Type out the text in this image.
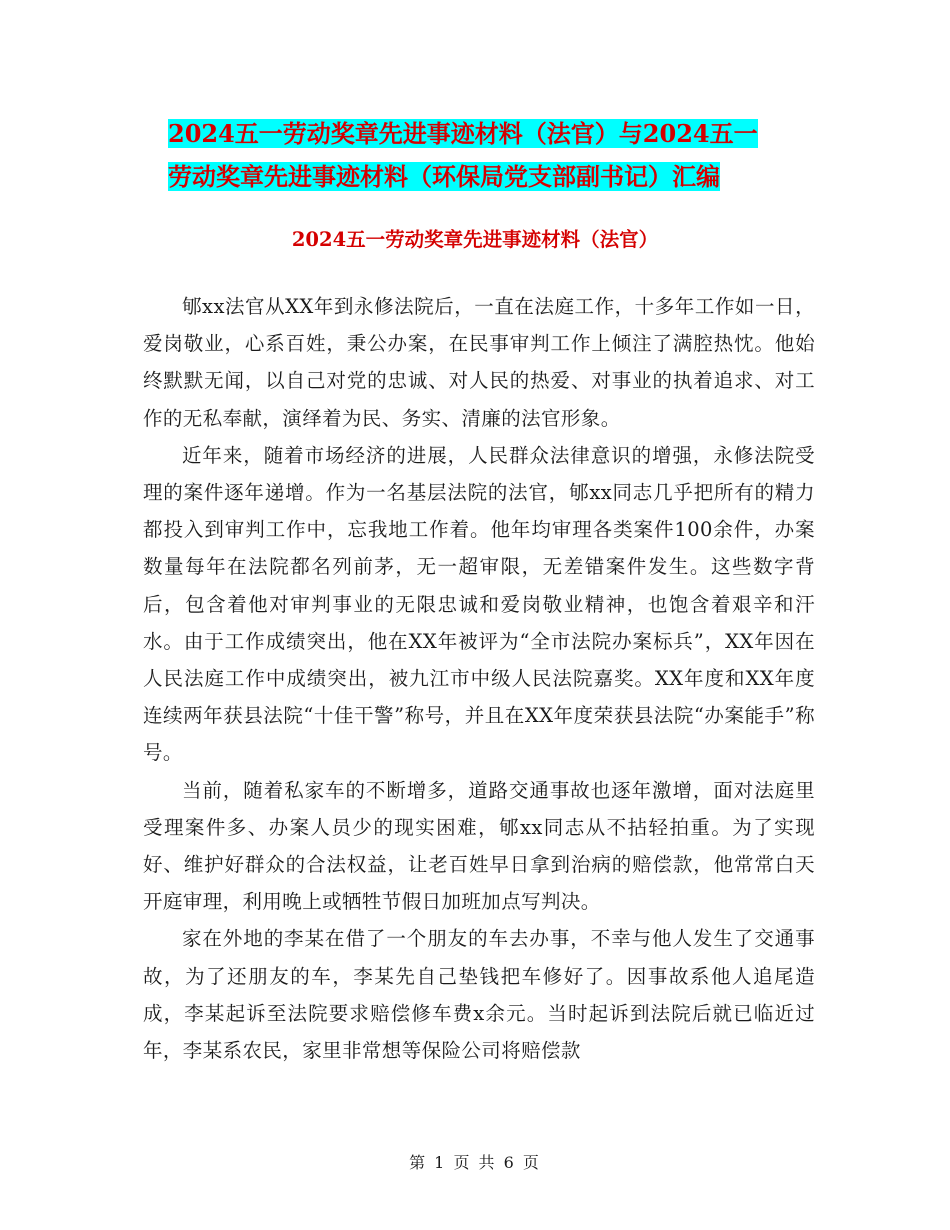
2024五一劳动奖章先进事迹材料（法官）与2024五一
劳动奖章先进事迹材料（环保局党支部副书记）汇编
2024五一劳动奖章先进事迹材料（法官）

郇xx法官从XX年到永修法院后，一直在法庭工作，十多年工作如一日，爱岗敬业，心系百姓，秉公办案，在民事审判工作上倾注了满腔热忱。他始终默默无闻，以自己对党的忠诚、对人民的热爱、对事业的执着追求、对工作的无私奉献，演绎着为民、务实、清廉的法官形象。

近年来，随着市场经济的进展，人民群众法律意识的增强，永修法院受理的案件逐年递增。作为一名基层法院的法官，郇xx同志几乎把所有的精力都投入到审判工作中，忘我地工作着。他年均审理各类案件100余件，办案数量每年在法院都名列前茅，无一超审限，无差错案件发生。这些数字背后，包含着他对审判事业的无限忠诚和爱岗敬业精神，也饱含着艰辛和汗水。由于工作成绩突出，他在XX年被评为“全市法院办案标兵”，XX年因在人民法庭工作中成绩突出，被九江市中级人民法院嘉奖。XX年度和XX年度连续两年获县法院“十佳干警”称号，并且在XX年度荣获县法院“办案能手”称号。

当前，随着私家车的不断增多，道路交通事故也逐年激增，面对法庭里受理案件多、办案人员少的现实困难，郇xx同志从不拈轻拍重。为了实现好、维护好群众的合法权益，让老百姓早日拿到治病的赔偿款，他常常白天开庭审理，利用晚上或牺牲节假日加班加点写判决。

家在外地的李某在借了一个朋友的车去办事，不幸与他人发生了交通事故，为了还朋友的车，李某先自己垫钱把车修好了。因事故系他人追尾造成，李某起诉至法院要求赔偿修车费x余元。当时起诉到法院后就已临近过年，李某系农民，家里非常想等保险公司将赔偿款

第 1 页 共 6 页
